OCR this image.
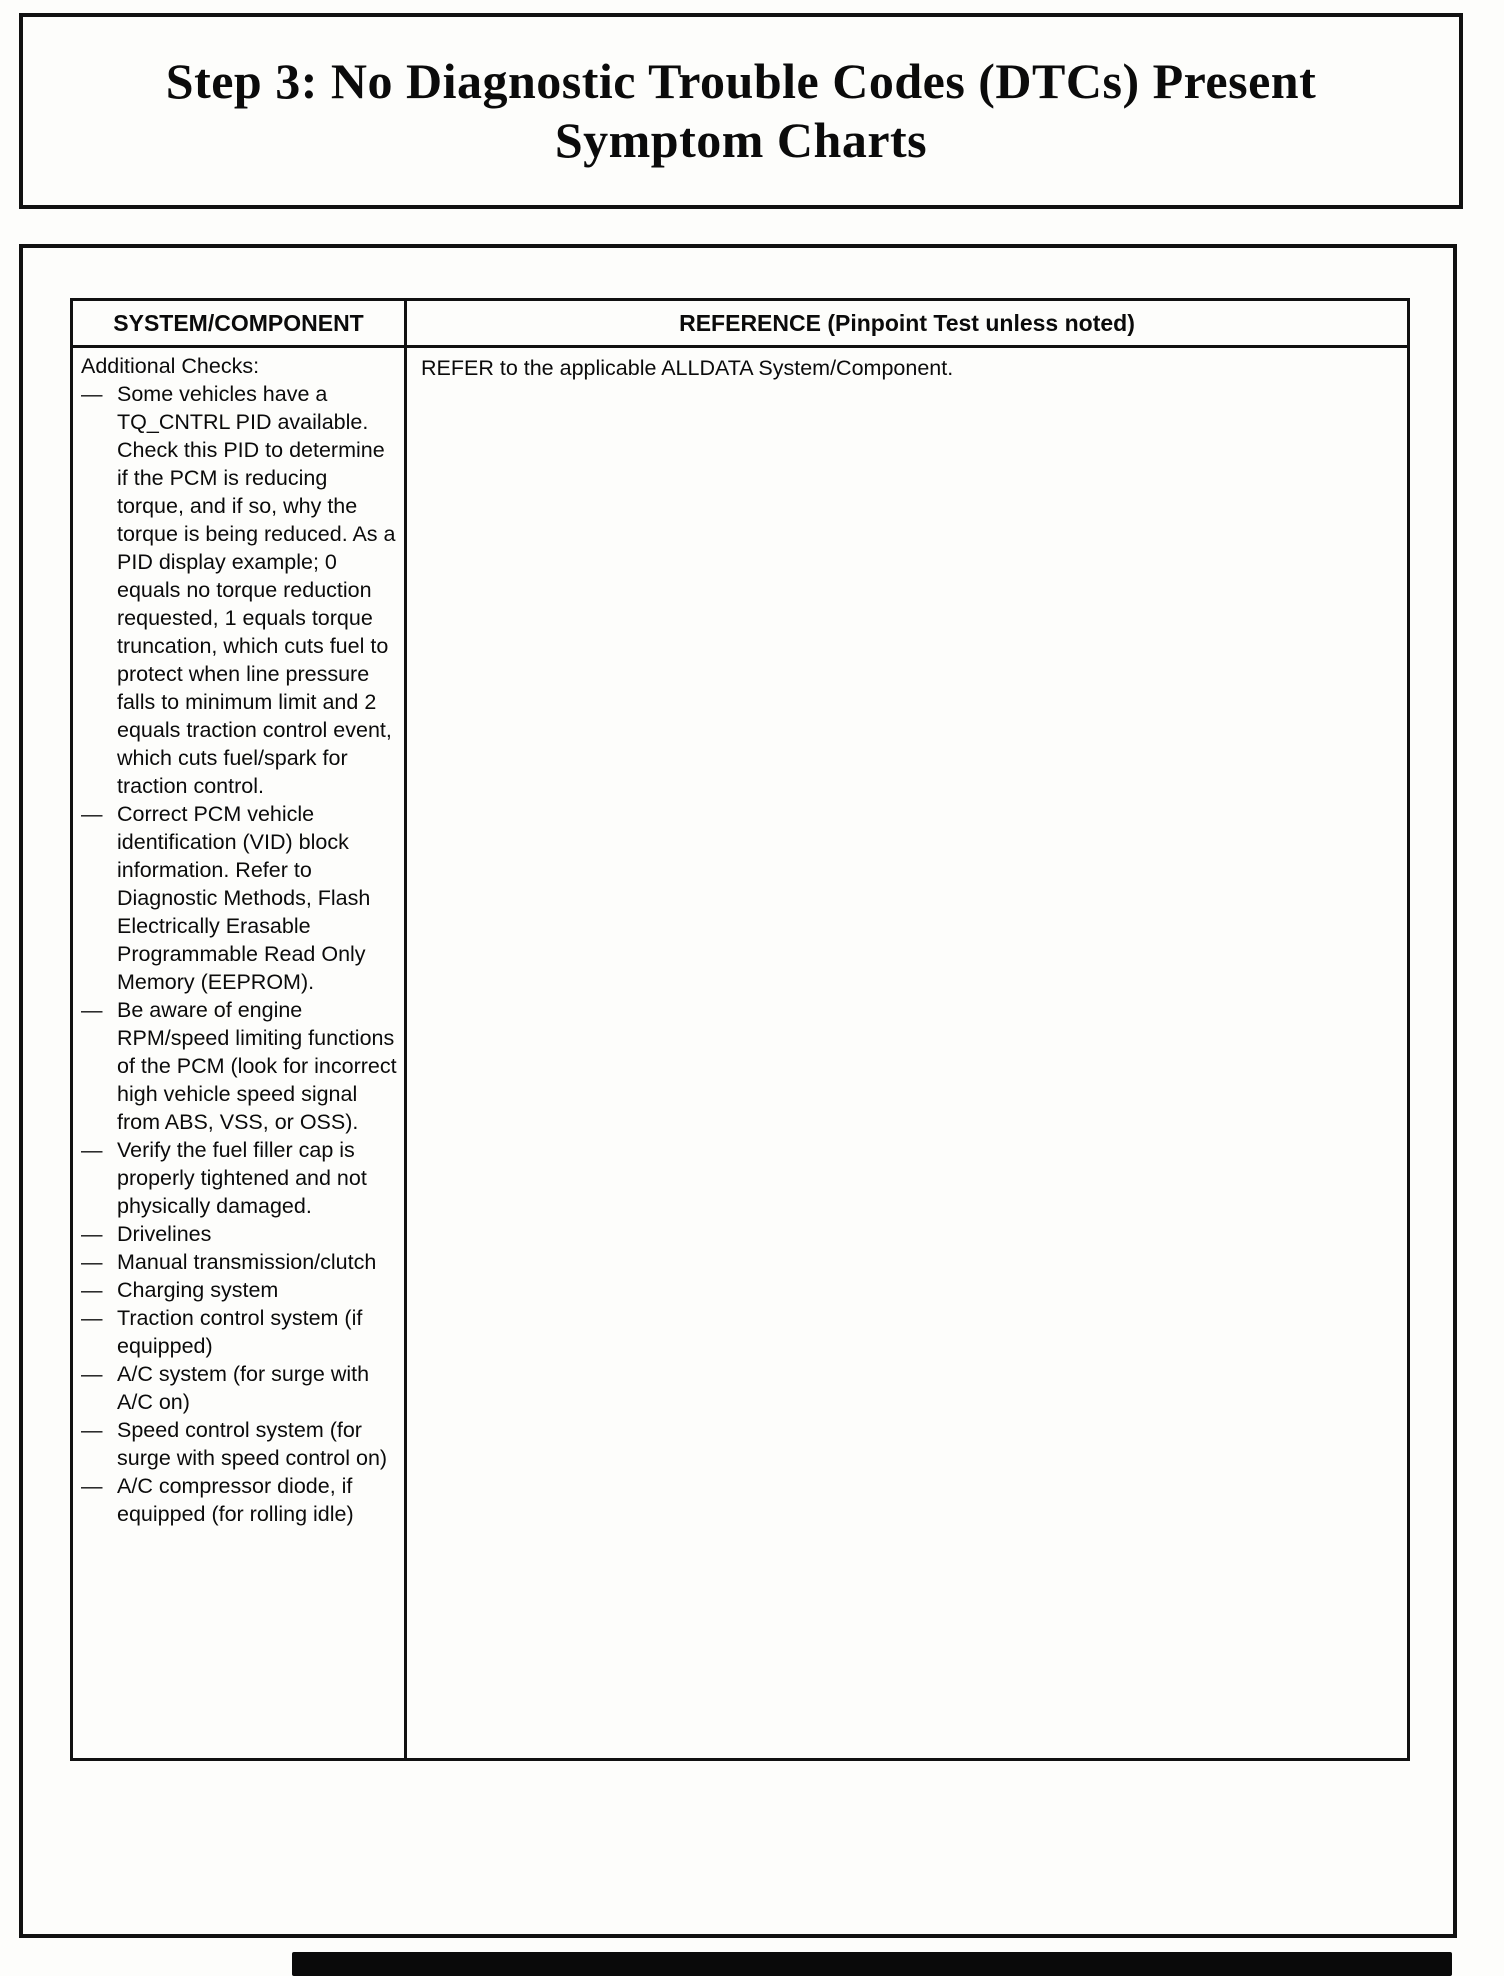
Step 3: No Diagnostic Trouble Codes (DTCs) Present
Symptom Charts
SYSTEM/COMPONENT	REFERENCE (Pinpoint Test unless noted)
Additional Checks:
— Some vehicles have a TQ_CNTRL PID available. Check this PID to determine if the PCM is reducing torque, and if so, why the torque is being reduced. As a PID display example; 0 equals no torque reduction requested, 1 equals torque truncation, which cuts fuel to protect when line pressure falls to minimum limit and 2 equals traction control event, which cuts fuel/spark for traction control.
— Correct PCM vehicle identification (VID) block information. Refer to Diagnostic Methods, Flash Electrically Erasable Programmable Read Only Memory (EEPROM).
— Be aware of engine RPM/speed limiting functions of the PCM (look for incorrect high vehicle speed signal from ABS, VSS, or OSS).
— Verify the fuel filler cap is properly tightened and not physically damaged.
— Drivelines
— Manual transmission/clutch
— Charging system
— Traction control system (if equipped)
— A/C system (for surge with A/C on)
— Speed control system (for surge with speed control on)
— A/C compressor diode, if equipped (for rolling idle)
REFER to the applicable ALLDATA System/Component.
